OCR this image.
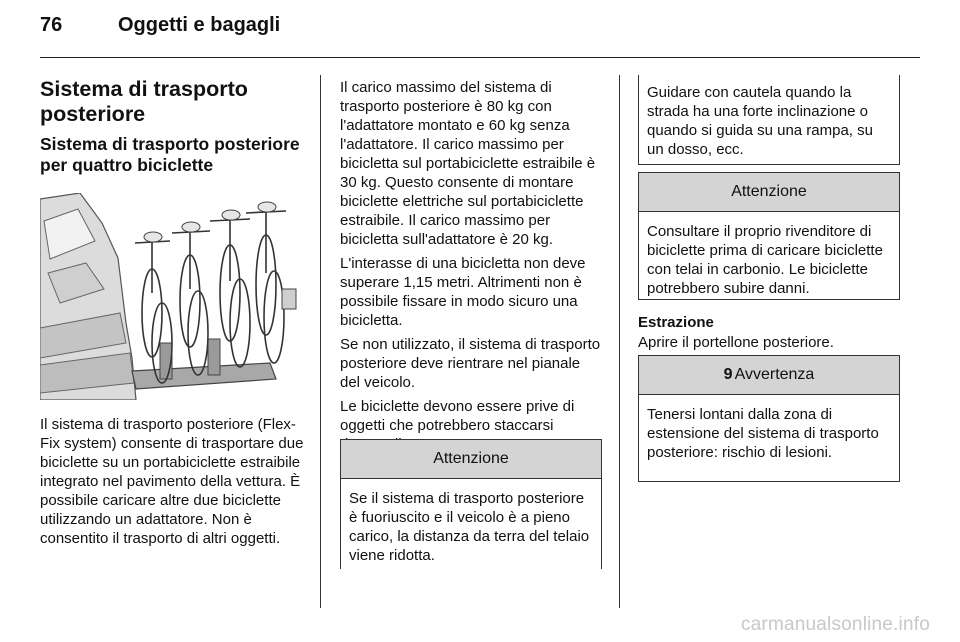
76	Oggetti e bagagli
Sistema di trasporto posteriore
Sistema di trasporto posteriore per quattro biciclette

Il sistema di trasporto posteriore (Flex-Fix system) consente di trasportare due biciclette su un portabiciclette estraibile integrato nel pavimento della vettura. È possibile caricare altre due biciclette utilizzando un adattatore. Non è consentito il trasporto di altri oggetti.

Il carico massimo del sistema di trasporto posteriore è 80 kg con l'adattatore montato e 60 kg senza l'adattatore. Il carico massimo per bicicletta sul portabiciclette estraibile è 30 kg. Questo consente di montare biciclette elettriche sul portabiciclette estraibile. Il carico massimo per bicicletta sull'adattatore è 20 kg.

L'interasse di una bicicletta non deve superare 1,15 metri. Altrimenti non è possibile fissare in modo sicuro una bicicletta.

Se non utilizzato, il sistema di trasporto posteriore deve rientrare nel pianale del veicolo.

Le biciclette devono essere prive di oggetti che potrebbero staccarsi

Attenzione
Se il sistema di trasporto posteriore è fuoriuscito e il veicolo è a pieno carico, la distanza da terra del telaio viene ridotta.
Guidare con cautela quando la strada ha una forte inclinazione o quando si guida su una rampa, su un dosso, ecc.
Attenzione
Consultare il proprio rivenditore di biciclette prima di caricare biciclette con telai in carbonio. Le biciclette potrebbero subire danni.
Estrazione

Aprire il portellone posteriore.

9 Avvertenza
Tenersi lontani dalla zona di estensione del sistema di trasporto posteriore: rischio di lesioni.
carmanualsonline.info
